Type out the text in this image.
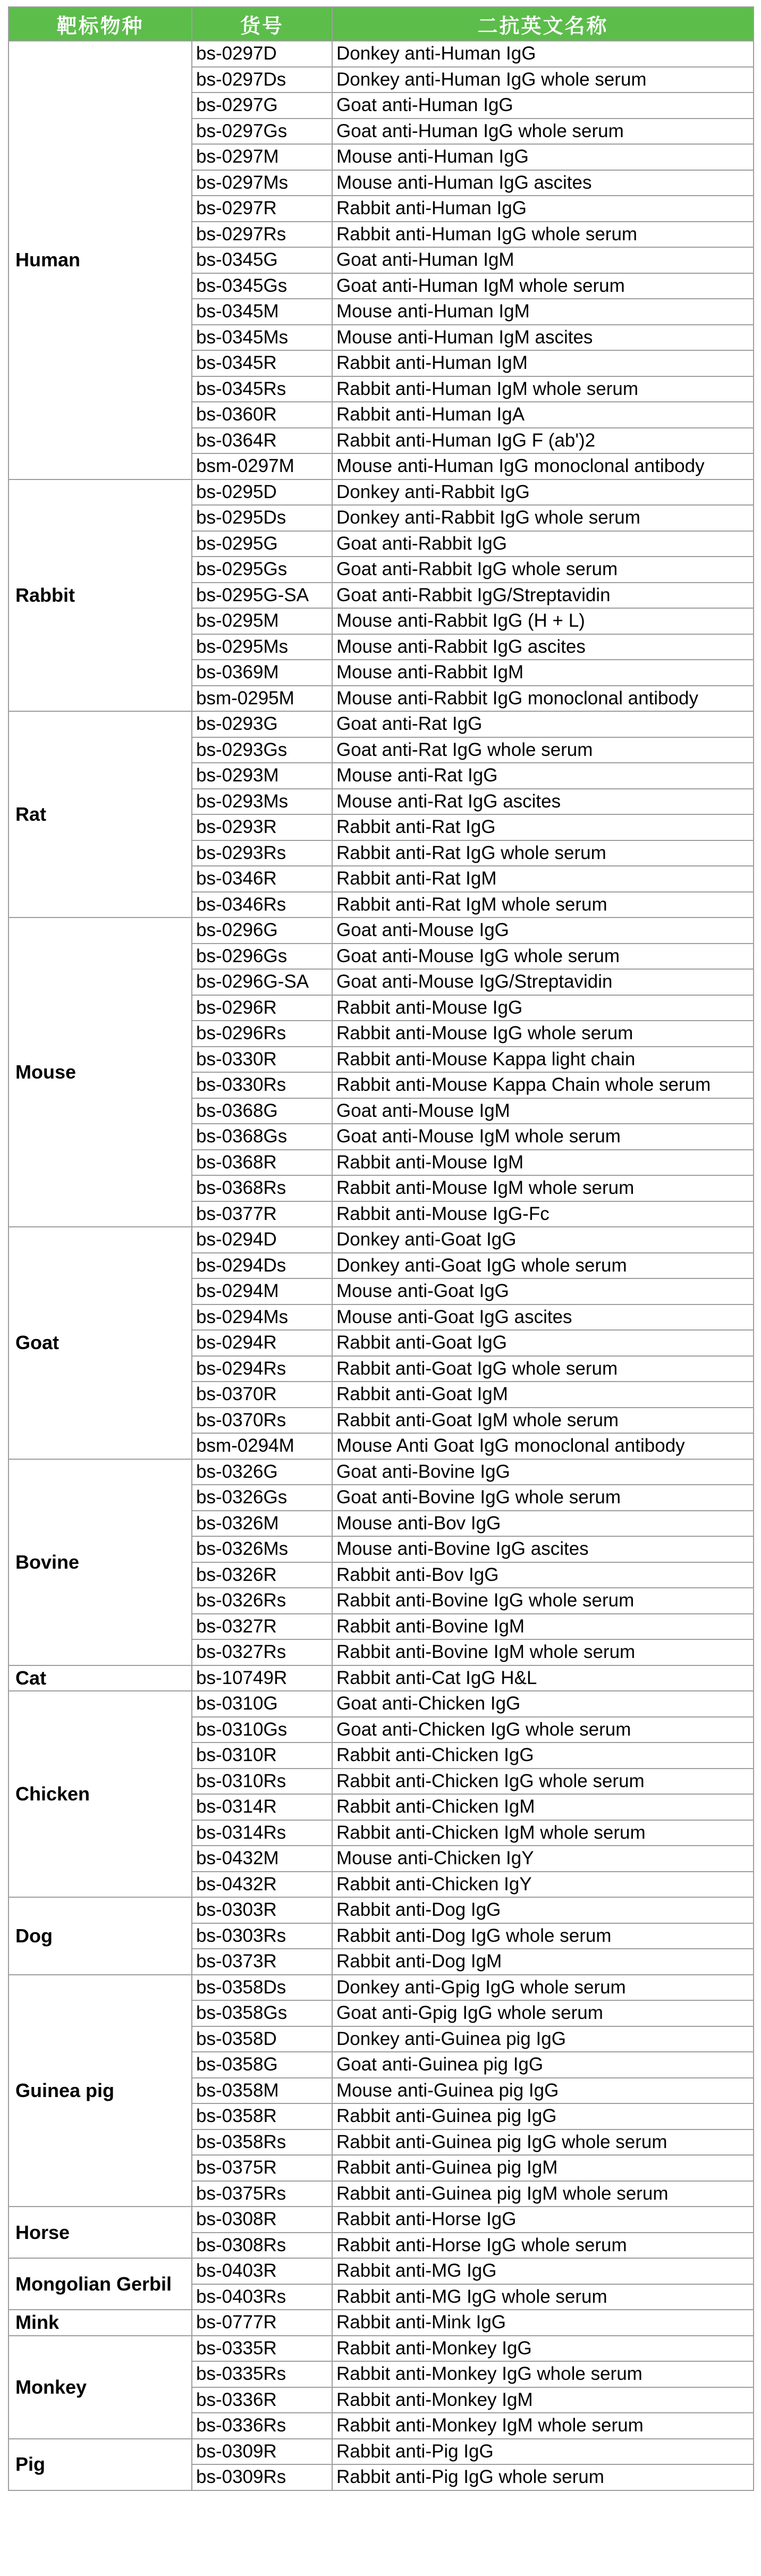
靶标物种	货号	二抗英文名称
Human	bs-0297D	Donkey anti-Human IgG
	bs-0297Ds	Donkey anti-Human IgG whole serum
	bs-0297G	Goat anti-Human IgG
	bs-0297Gs	Goat anti-Human IgG whole serum
	bs-0297M	Mouse anti-Human IgG
	bs-0297Ms	Mouse anti-Human IgG ascites
	bs-0297R	Rabbit anti-Human IgG
	bs-0297Rs	Rabbit anti-Human IgG whole serum
	bs-0345G	Goat anti-Human IgM
	bs-0345Gs	Goat anti-Human IgM whole serum
	bs-0345M	Mouse anti-Human IgM
	bs-0345Ms	Mouse anti-Human IgM ascites
	bs-0345R	Rabbit anti-Human IgM
	bs-0345Rs	Rabbit anti-Human IgM whole serum
	bs-0360R	Rabbit anti-Human IgA
	bs-0364R	Rabbit anti-Human IgG F (ab')2
	bsm-0297M	Mouse anti-Human IgG monoclonal antibody
Rabbit	bs-0295D	Donkey anti-Rabbit IgG
	bs-0295Ds	Donkey anti-Rabbit IgG whole serum
	bs-0295G	Goat anti-Rabbit IgG
	bs-0295Gs	Goat anti-Rabbit IgG whole serum
	bs-0295G-SA	Goat anti-Rabbit IgG/Streptavidin
	bs-0295M	Mouse anti-Rabbit IgG (H + L)
	bs-0295Ms	Mouse anti-Rabbit IgG ascites
	bs-0369M	Mouse anti-Rabbit IgM
	bsm-0295M	Mouse anti-Rabbit IgG monoclonal antibody
Rat	bs-0293G	Goat anti-Rat IgG
	bs-0293Gs	Goat anti-Rat IgG whole serum
	bs-0293M	Mouse anti-Rat IgG
	bs-0293Ms	Mouse anti-Rat IgG ascites
	bs-0293R	Rabbit anti-Rat IgG
	bs-0293Rs	Rabbit anti-Rat IgG whole serum
	bs-0346R	Rabbit anti-Rat IgM
	bs-0346Rs	Rabbit anti-Rat IgM whole serum
Mouse	bs-0296G	Goat anti-Mouse IgG
	bs-0296Gs	Goat anti-Mouse IgG whole serum
	bs-0296G-SA	Goat anti-Mouse IgG/Streptavidin
	bs-0296R	Rabbit anti-Mouse IgG
	bs-0296Rs	Rabbit anti-Mouse IgG whole serum
	bs-0330R	Rabbit anti-Mouse Kappa light chain
	bs-0330Rs	Rabbit anti-Mouse Kappa Chain whole serum
	bs-0368G	Goat anti-Mouse IgM
	bs-0368Gs	Goat anti-Mouse IgM whole serum
	bs-0368R	Rabbit anti-Mouse IgM
	bs-0368Rs	Rabbit anti-Mouse IgM whole serum
	bs-0377R	Rabbit anti-Mouse IgG-Fc
Goat	bs-0294D	Donkey anti-Goat IgG
	bs-0294Ds	Donkey anti-Goat IgG whole serum
	bs-0294M	Mouse anti-Goat IgG
	bs-0294Ms	Mouse anti-Goat IgG ascites
	bs-0294R	Rabbit anti-Goat IgG
	bs-0294Rs	Rabbit anti-Goat IgG whole serum
	bs-0370R	Rabbit anti-Goat IgM
	bs-0370Rs	Rabbit anti-Goat IgM whole serum
	bsm-0294M	Mouse Anti Goat IgG monoclonal antibody
Bovine	bs-0326G	Goat anti-Bovine IgG
	bs-0326Gs	Goat anti-Bovine IgG whole serum
	bs-0326M	Mouse anti-Bov IgG
	bs-0326Ms	Mouse anti-Bovine IgG ascites
	bs-0326R	Rabbit anti-Bov IgG
	bs-0326Rs	Rabbit anti-Bovine IgG whole serum
	bs-0327R	Rabbit anti-Bovine IgM
	bs-0327Rs	Rabbit anti-Bovine IgM whole serum
Cat	bs-10749R	Rabbit anti-Cat IgG H&L
Chicken	bs-0310G	Goat anti-Chicken IgG
	bs-0310Gs	Goat anti-Chicken IgG whole serum
	bs-0310R	Rabbit anti-Chicken IgG
	bs-0310Rs	Rabbit anti-Chicken IgG whole serum
	bs-0314R	Rabbit anti-Chicken IgM
	bs-0314Rs	Rabbit anti-Chicken IgM whole serum
	bs-0432M	Mouse anti-Chicken IgY
	bs-0432R	Rabbit anti-Chicken IgY
Dog	bs-0303R	Rabbit anti-Dog IgG
	bs-0303Rs	Rabbit anti-Dog IgG whole serum
	bs-0373R	Rabbit anti-Dog IgM
Guinea pig	bs-0358Ds	Donkey anti-Gpig IgG whole serum
	bs-0358Gs	Goat anti-Gpig IgG whole serum
	bs-0358D	Donkey anti-Guinea pig IgG
	bs-0358G	Goat anti-Guinea pig IgG
	bs-0358M	Mouse anti-Guinea pig IgG
	bs-0358R	Rabbit anti-Guinea pig IgG
	bs-0358Rs	Rabbit anti-Guinea pig IgG whole serum
	bs-0375R	Rabbit anti-Guinea pig IgM
	bs-0375Rs	Rabbit anti-Guinea pig IgM whole serum
Horse	bs-0308R	Rabbit anti-Horse IgG
	bs-0308Rs	Rabbit anti-Horse IgG whole serum
Mongolian Gerbil	bs-0403R	Rabbit anti-MG IgG
	bs-0403Rs	Rabbit anti-MG IgG whole serum
Mink	bs-0777R	Rabbit anti-Mink IgG
Monkey	bs-0335R	Rabbit anti-Monkey IgG
	bs-0335Rs	Rabbit anti-Monkey IgG whole serum
	bs-0336R	Rabbit anti-Monkey IgM
	bs-0336Rs	Rabbit anti-Monkey IgM whole serum
Pig	bs-0309R	Rabbit anti-Pig IgG
	bs-0309Rs	Rabbit anti-Pig IgG whole serum
